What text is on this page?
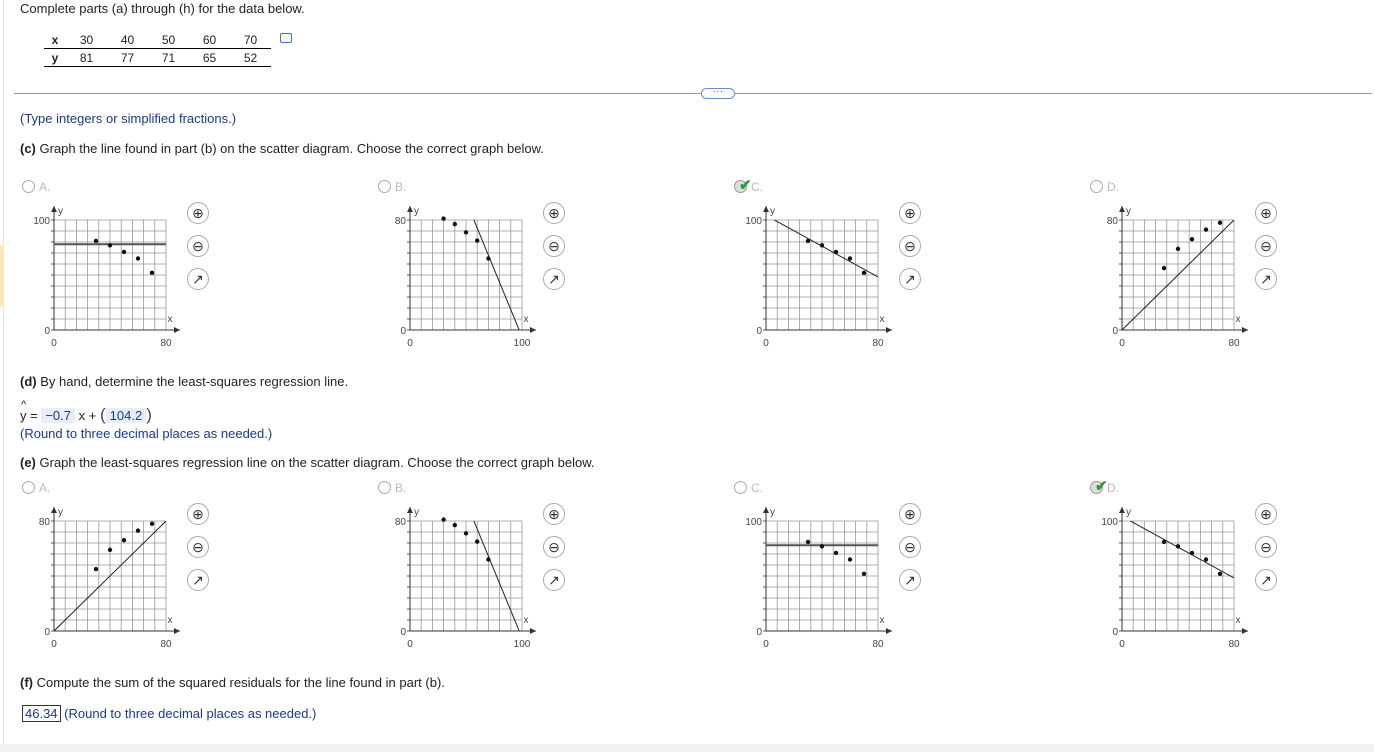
Complete parts (a) through (h) for the data below.
x	30	40	50	60	70
y	81	77	71	65	52
···
(Type integers or simplified fractions.)
(c) Graph the line found in part (b) on the scatter diagram. Choose the correct graph below.
A.
100
0
0	80
y
x
⊕
⊖
↗
B.
80
0
0	100
y
x
⊕
⊖
↗
C.
✔
100
0
0	80
y
x
⊕
⊖
↗
D.
80
0
0	80
y
x
⊕
⊖
↗
(d) By hand, determine the least-squares regression line.
^
y = −0.7 x + ( 104.2 )
(Round to three decimal places as needed.)
(e) Graph the least-squares regression line on the scatter diagram. Choose the correct graph below.
A.
80
0
0	80
y
x
⊕
⊖
↗
B.
80
0
0	100
y
x
⊕
⊖
↗
C.
100
0
0	80
y
x
⊕
⊖
↗
D.
✔
100
0
0	80
y
x
⊕
⊖
↗
(f) Compute the sum of the squared residuals for the line found in part (b).
46.34 (Round to three decimal places as needed.)
